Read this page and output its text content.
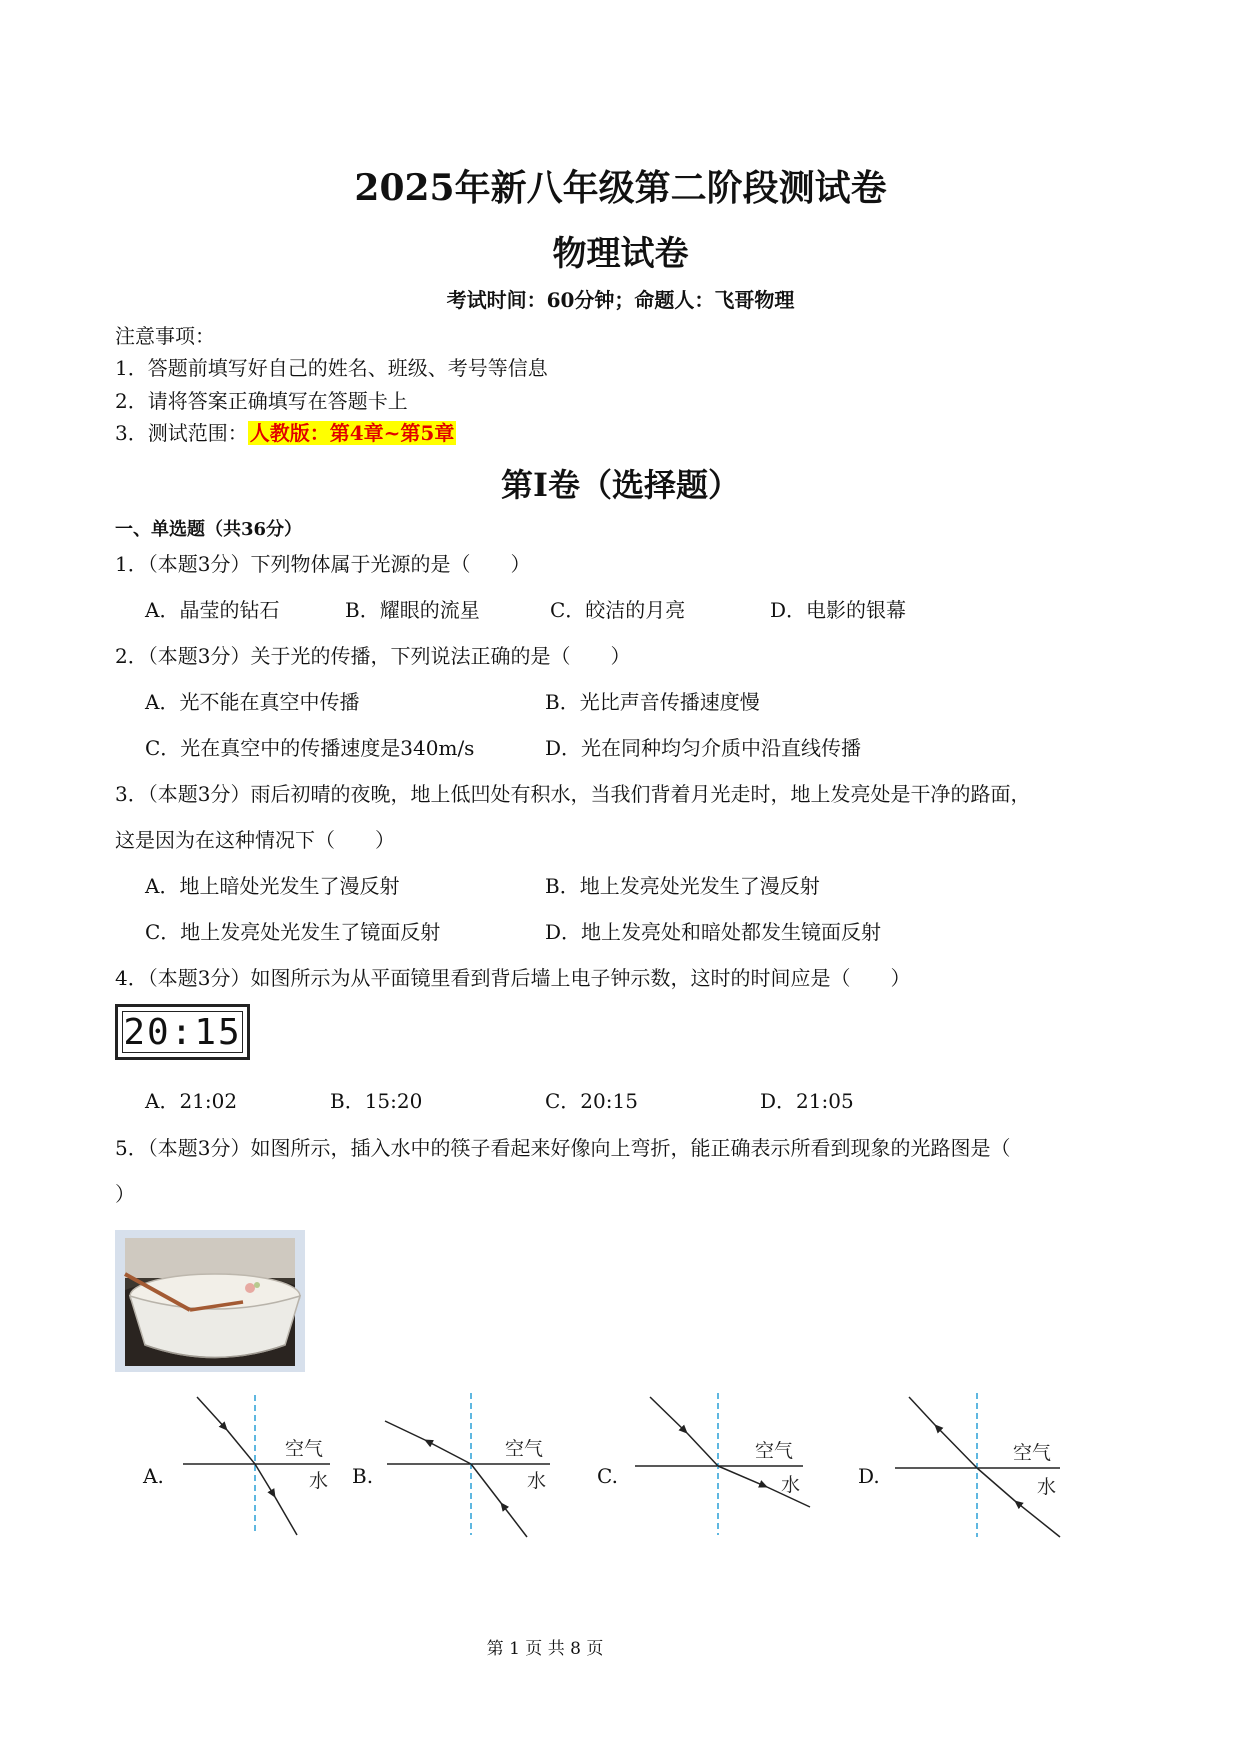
2025年新八年级第二阶段测试卷
物理试卷
考试时间：60分钟；命题人：飞哥物理
注意事项：
1．答题前填写好自己的姓名、班级、考号等信息
2．请将答案正确填写在答题卡上
3．测试范围： 人教版：第4章~第5章
第Ⅰ卷（选择题）
一、单选题（共36分）
1．（本题3分）下列物体属于光源的是（　　）
A．晶莹的钻石	B．耀眼的流星	C．皎洁的月亮	D．电影的银幕
2．（本题3分）关于光的传播，下列说法正确的是（　　）
A．光不能在真空中传播	B．光比声音传播速度慢
C．光在真空中的传播速度是340m/s	D．光在同种均匀介质中沿直线传播
3．（本题3分）雨后初晴的夜晚，地上低凹处有积水，当我们背着月光走时，地上发亮处是干净的路面，
这是因为在这种情况下（　　）
A．地上暗处光发生了漫反射	B．地上发亮处光发生了漫反射
C．地上发亮处光发生了镜面反射	D．地上发亮处和暗处都发生镜面反射
4．（本题3分）如图所示为从平面镜里看到背后墙上电子钟示数，这时的时间应是（　　）
20:15
A．21:02	B．15:20	C．20:15	D．21:05
5．（本题3分）如图所示，插入水中的筷子看起来好像向上弯折，能正确表示所看到现象的光路图是（
）
空气
水
空气
水
空气
水
空气
水
A.	B.	C.	D.
第 1 页 共 8 页
